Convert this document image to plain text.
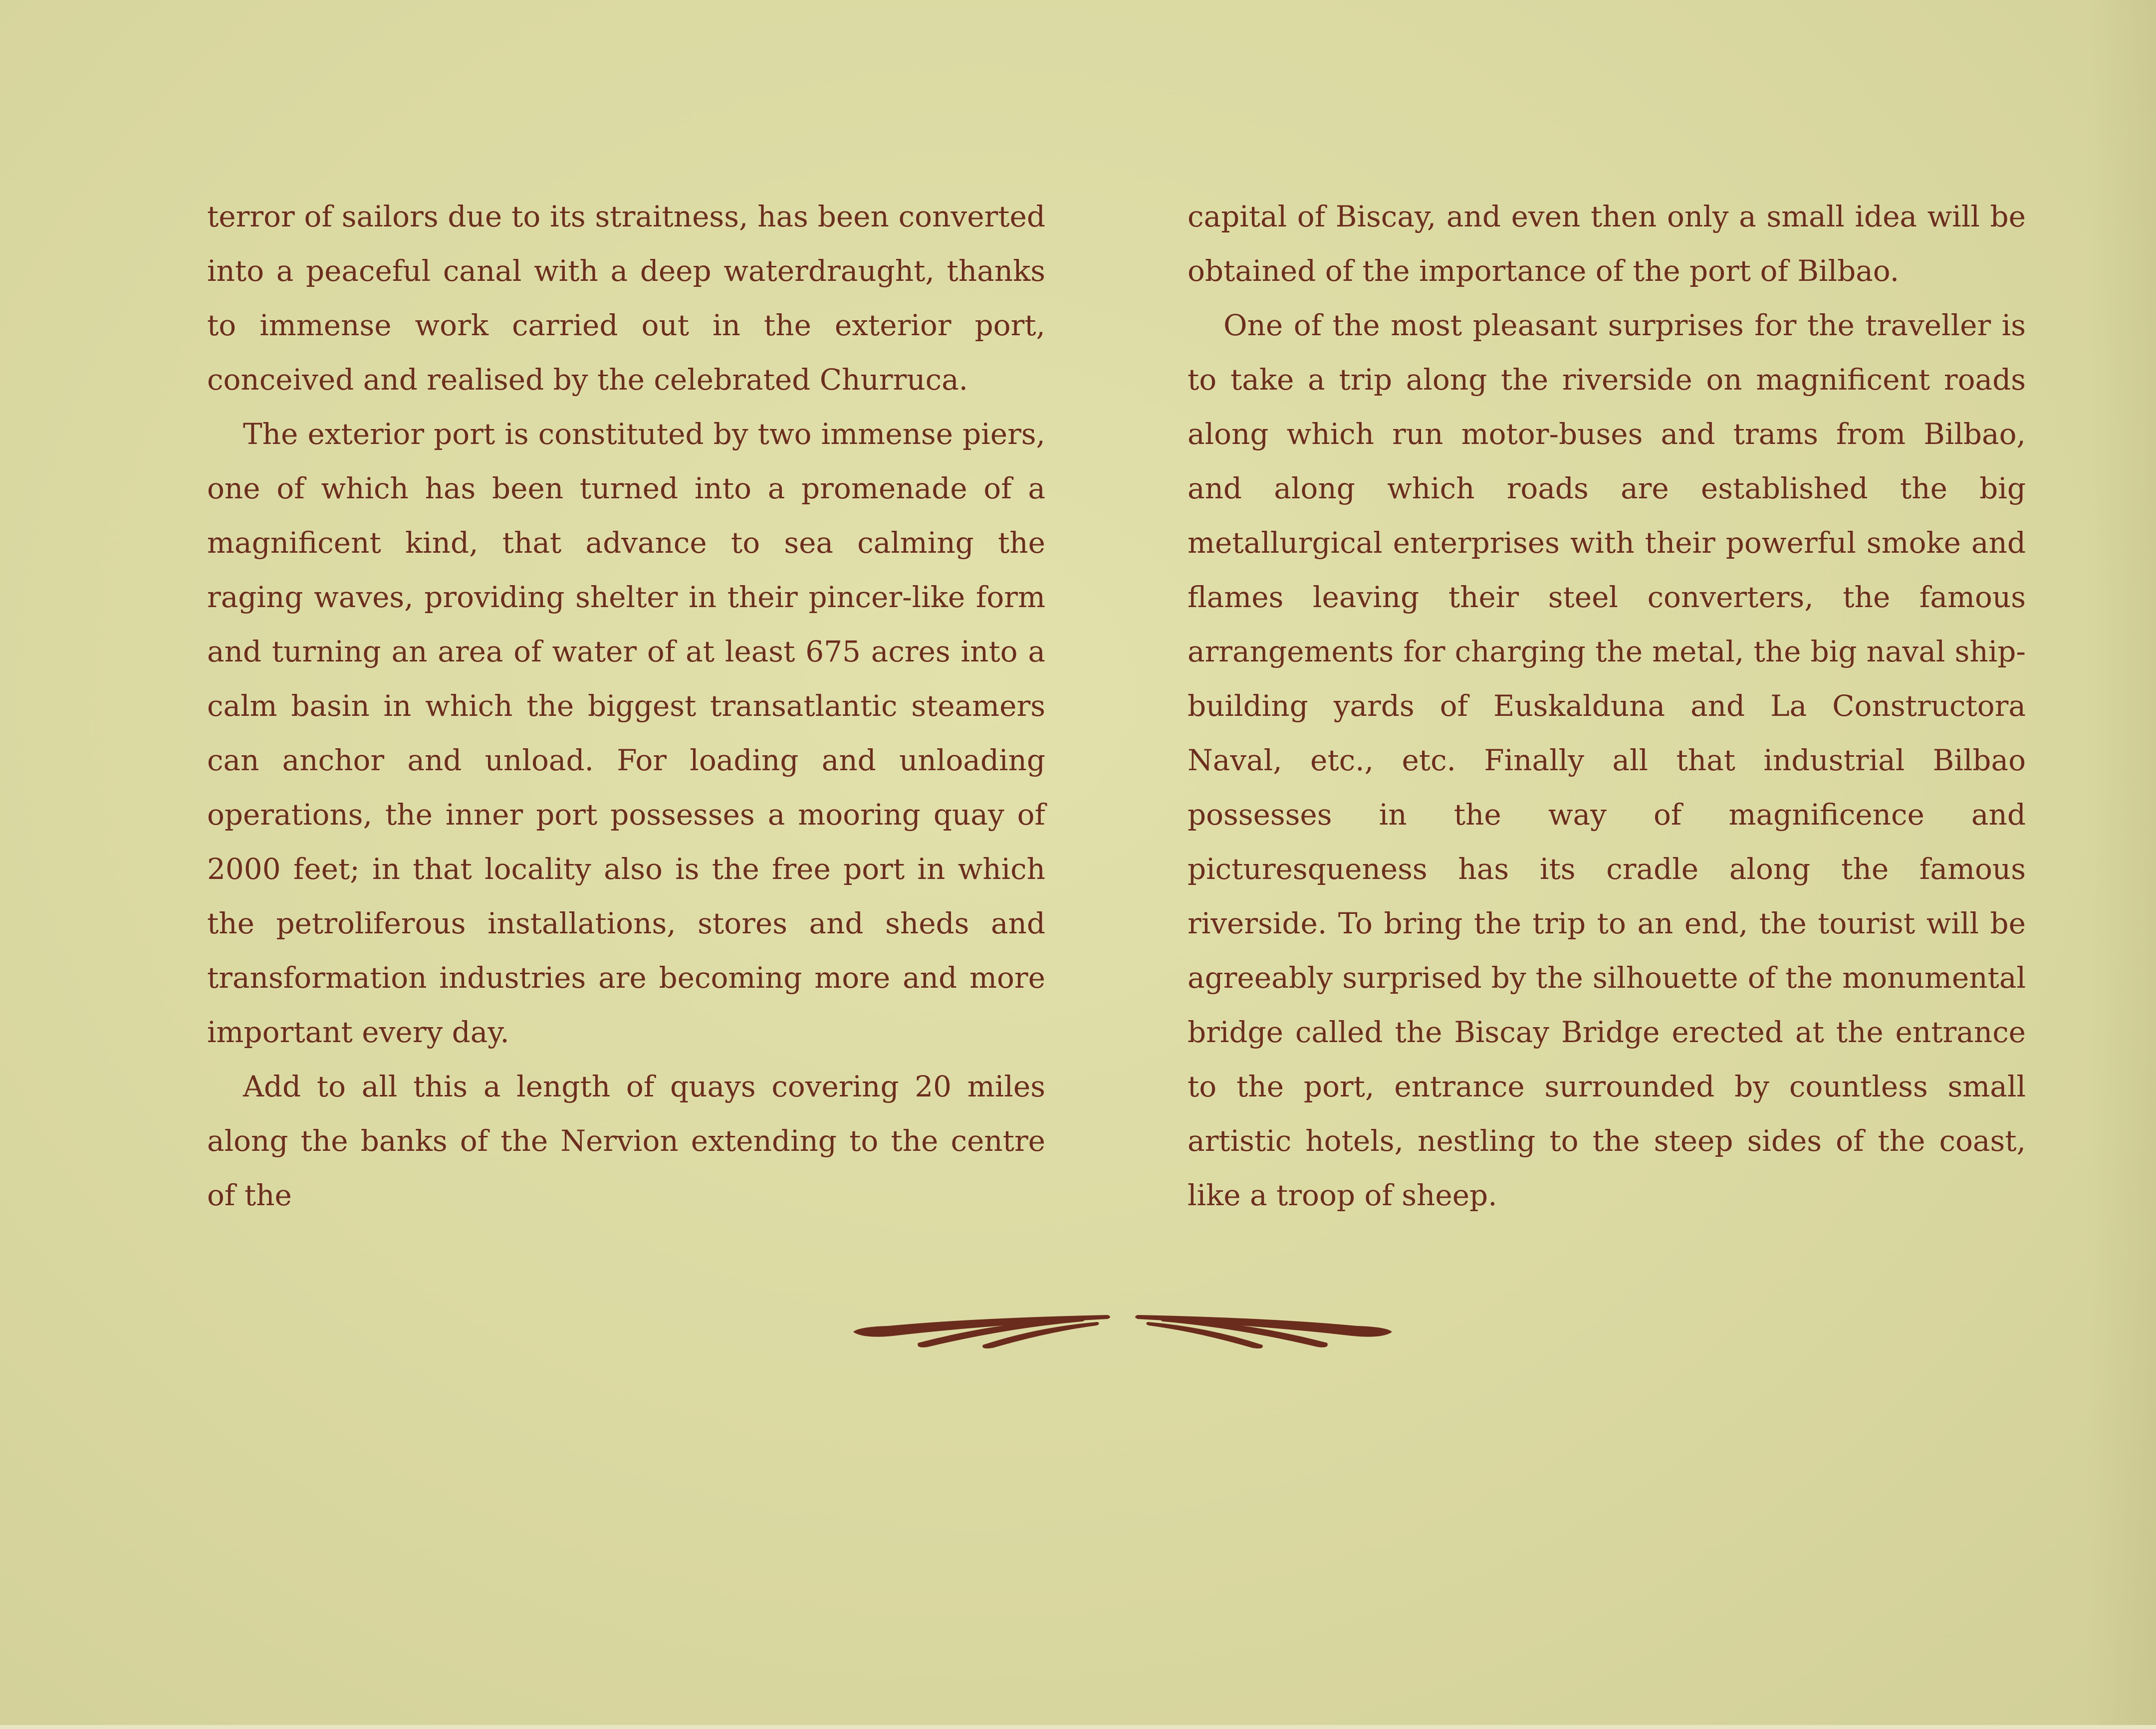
terror of sailors due to its straitness, has been converted into a peaceful canal with a deep waterdraught, thanks to immense work carried out in the exterior port, conceived and realised by the celebrated Churruca.

The exterior port is constituted by two immense piers, one of which has been turned into a promenade of a magnificent kind, that advance to sea calming the raging waves, providing shelter in their pincer-like form and turning an area of water of at least 675 acres into a calm basin in which the biggest transatlantic steamers can anchor and unload. For loading and unloading operations, the inner port possesses a mooring quay of 2000 feet; in that locality also is the free port in which the petroliferous installations, stores and sheds and transformation industries are becoming more and more important every day.

Add to all this a length of quays covering 20 miles along the banks of the Nervion extending to the centre of the

capital of Biscay, and even then only a small idea will be obtained of the importance of the port of Bilbao.

One of the most pleasant surprises for the traveller is to take a trip along the riverside on magnificent roads along which run motor-buses and trams from Bilbao, and along which roads are established the big metallurgical enterprises with their powerful smoke and flames leaving their steel converters, the famous arrangements for charging the metal, the big naval ship-building yards of Euskalduna and La Constructora Naval, etc., etc. Finally all that industrial Bilbao possesses in the way of magnificence and picturesqueness has its cradle along the famous riverside. To bring the trip to an end, the tourist will be agreeably surprised by the silhouette of the monumental bridge called the Biscay Bridge erected at the entrance to the port, entrance surrounded by countless small artistic hotels, nestling to the steep sides of the coast, like a troop of sheep.
